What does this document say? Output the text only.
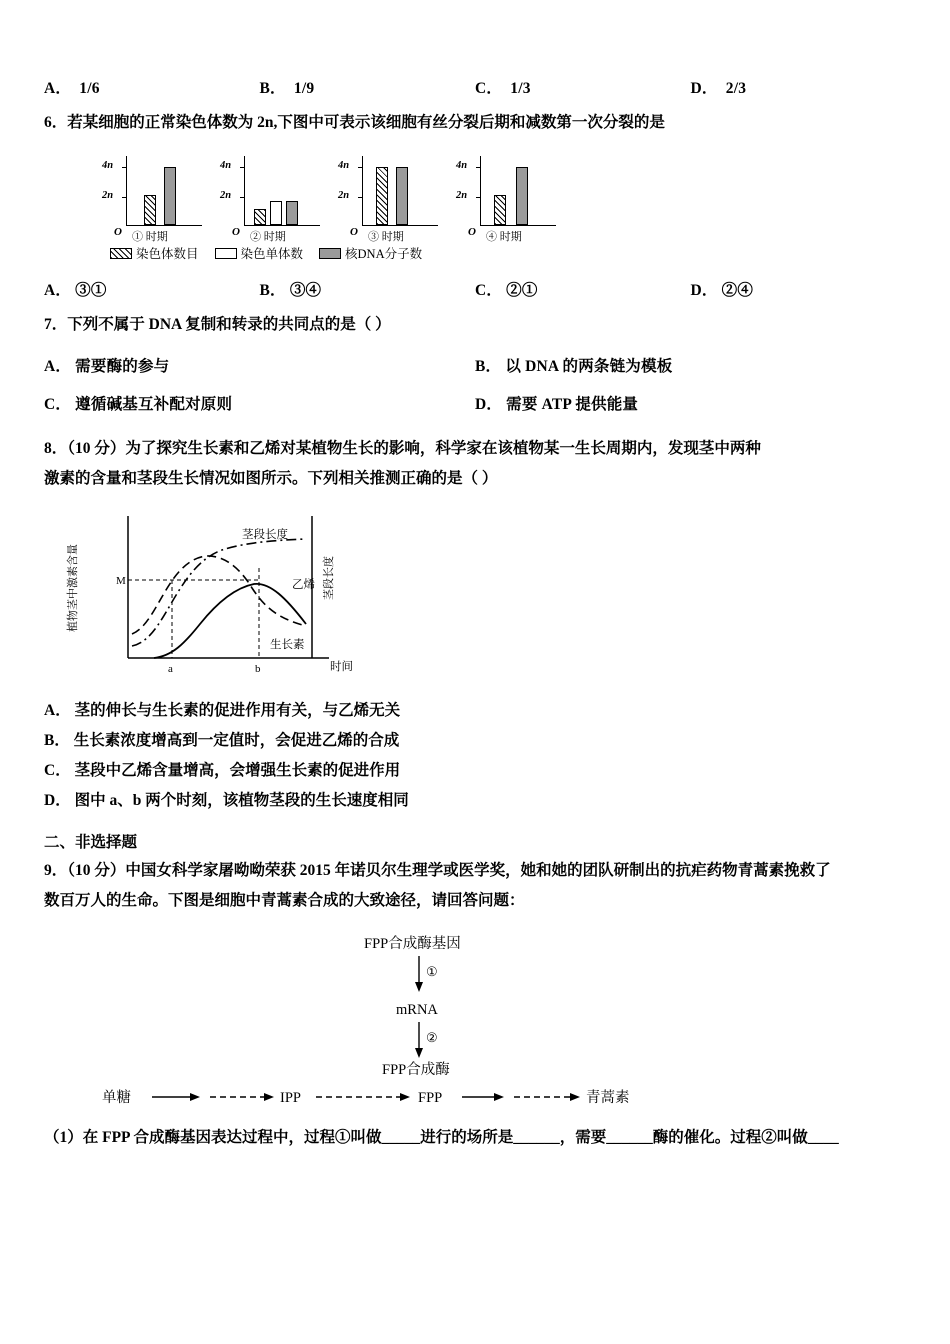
A． 1/6	B． 1/9	C． 1/3	D． 2/3
6．若某细胞的正常染色体数为 2n,下图中可表示该细胞有丝分裂后期和减数第一次分裂的是
4n
2n
O ① 时期
4n
2n
O ② 时期
4n
2n
O ③ 时期
4n
2n
O ④ 时期
染色体数目	染色单体数	核DNA分子数
A． ③①	B． ③④	C． ②①	D． ②④
7．下列不属于 DNA 复制和转录的共同点的是（ ）
A． 需要酶的参与	B． 以 DNA 的两条链为模板
C． 遵循碱基互补配对原则	D． 需要 ATP 提供能量
8．（10 分）为了探究生长素和乙烯对某植物生长的影响，科学家在该植物某一生长周期内，发现茎中两种
激素的含量和茎段生长情况如图所示。下列相关推测正确的是（ ）
植物茎中激素含量	茎段长度
M
茎段长度
乙烯
生长素
a	b	时间
A． 茎的伸长与生长素的促进作用有关，与乙烯无关
B． 生长素浓度增高到一定值时，会促进乙烯的合成
C． 茎段中乙烯含量增高，会增强生长素的促进作用
D． 图中 a、b 两个时刻，该植物茎段的生长速度相同
二、非选择题
9．（10 分）中国女科学家屠呦呦荣获 2015 年诺贝尔生理学或医学奖，她和她的团队研制出的抗疟药物青蒿素挽救了
数百万人的生命。下图是细胞中青蒿素合成的大致途径，请回答问题：
FPP合成酶基因
①
mRNA
②
FPP合成酶
单糖	IPP	FPP	青蒿素
（1）在 FPP 合成酶基因表达过程中，过程①叫做_____进行的场所是______，需要______酶的催化。过程②叫做____
